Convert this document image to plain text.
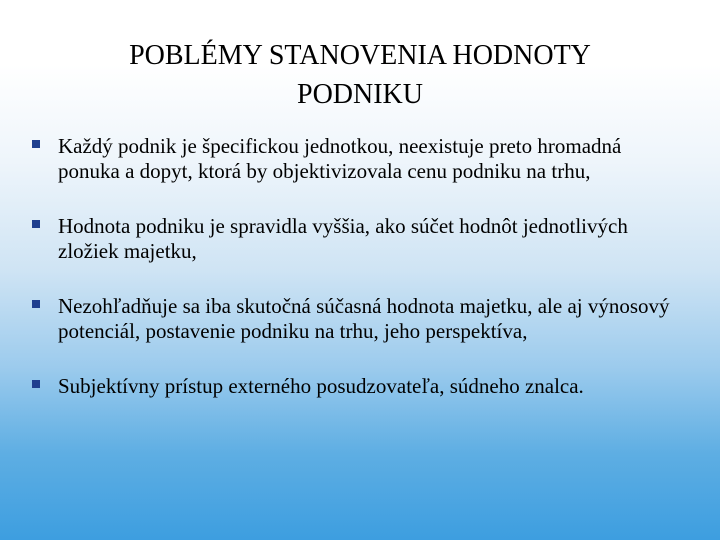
POBLÉMY STANOVENIA HODNOTY
PODNIKU
Každý podnik je špecifickou jednotkou, neexistuje preto hromadná ponuka a dopyt, ktorá by objektivizovala cenu podniku na trhu,
Hodnota podniku je spravidla vyššia, ako súčet hodnôt jednotlivých zložiek majetku,
Nezohľadňuje sa iba skutočná súčasná hodnota majetku, ale aj výnosový potenciál, postavenie podniku na trhu, jeho perspektíva,
Subjektívny prístup externého posudzovateľa, súdneho znalca.
